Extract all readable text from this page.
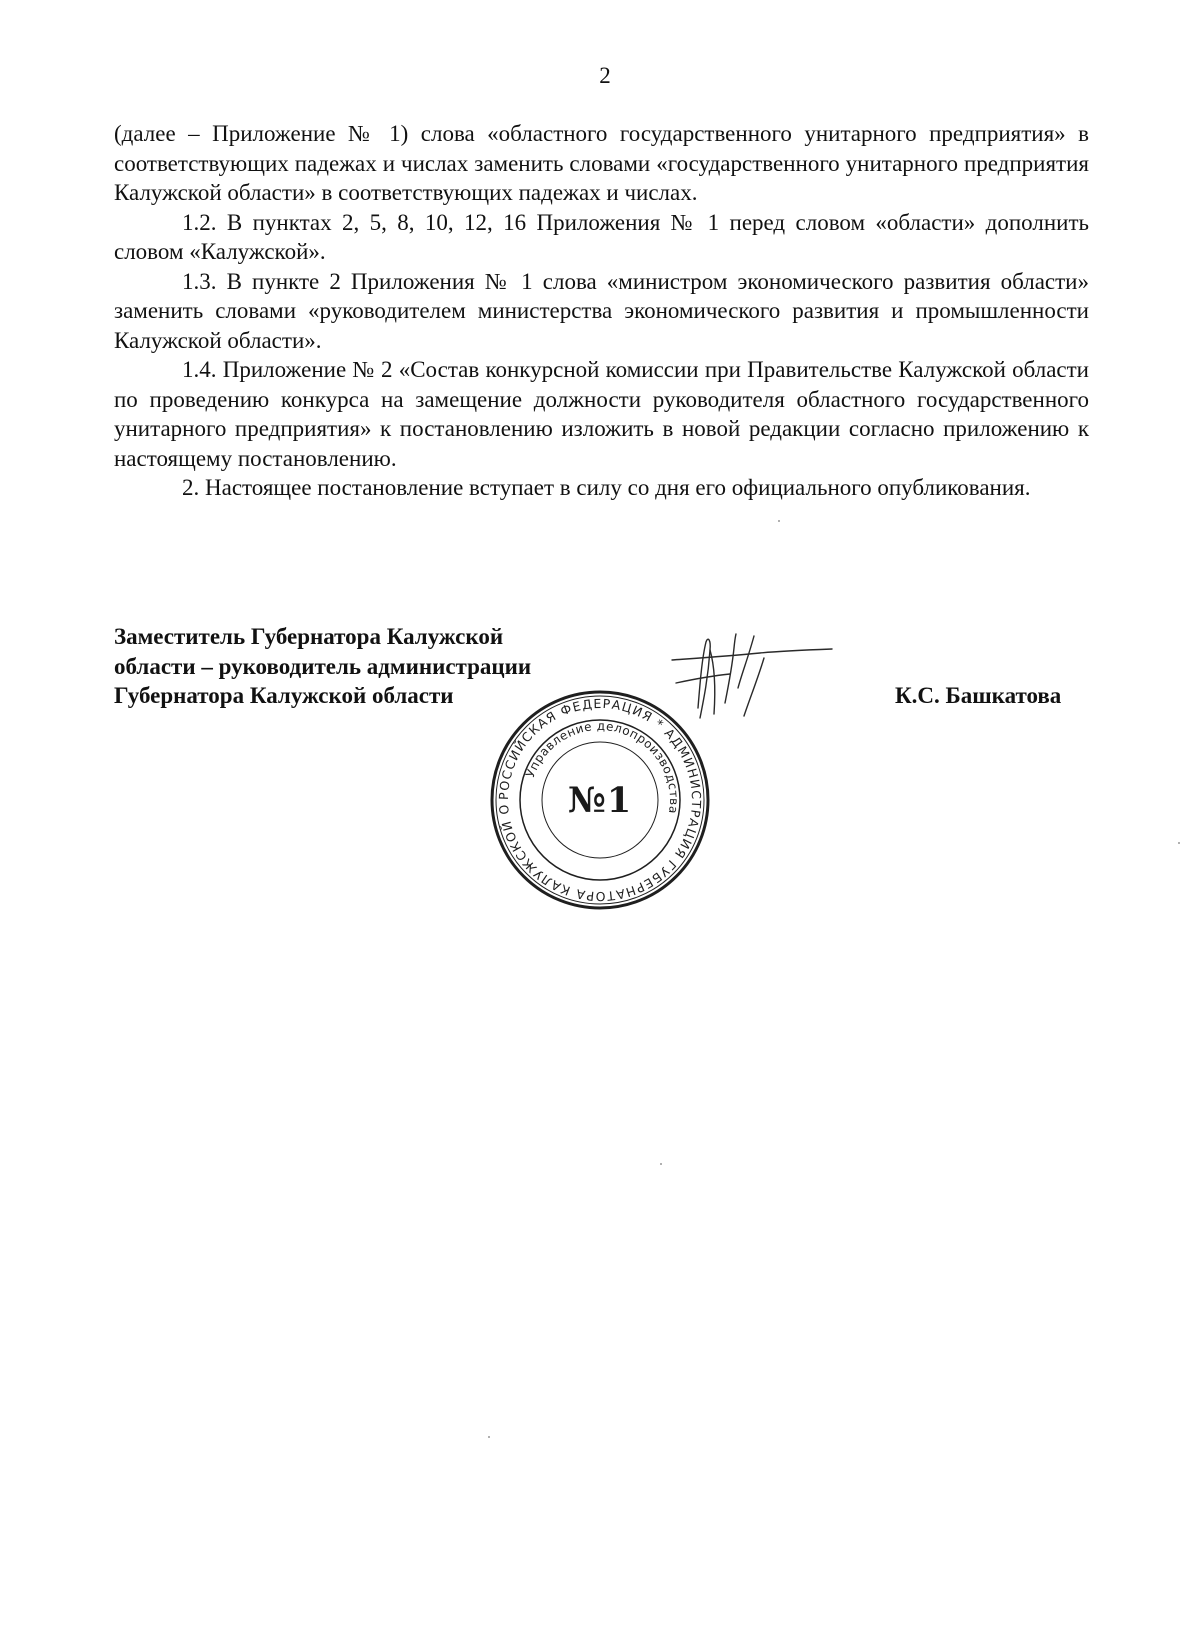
2

(далее – Приложение № 1) слова «областного государственного унитарного предприятия» в соответствующих падежах и числах заменить словами «государственного унитарного предприятия Калужской области» в соответствующих падежах и числах.

1.2. В пунктах 2, 5, 8, 10, 12, 16 Приложения № 1 перед словом «области» дополнить словом «Калужской».

1.3. В пункте 2 Приложения № 1 слова «министром экономического развития области» заменить словами «руководителем министерства экономического развития и промышленности Калужской области».

1.4. Приложение № 2 «Состав конкурсной комиссии при Правительстве Калужской области по проведению конкурса на замещение должности руководителя областного государственного унитарного предприятия» к постановлению изложить в новой редакции согласно приложению к настоящему постановлению.

2. Настоящее постановление вступает в силу со дня его официального опубликования.

Заместитель Губернатора Калужской
области – руководитель администрации
Губернатора Калужской области
РОССИЙСКАЯ ФЕДЕРАЦИЯ * АДМИНИСТРАЦИЯ ГУБЕРНАТОРА КАЛУЖСКОЙ О
Управление делопроизводства
№1
К.С. Башкатова
